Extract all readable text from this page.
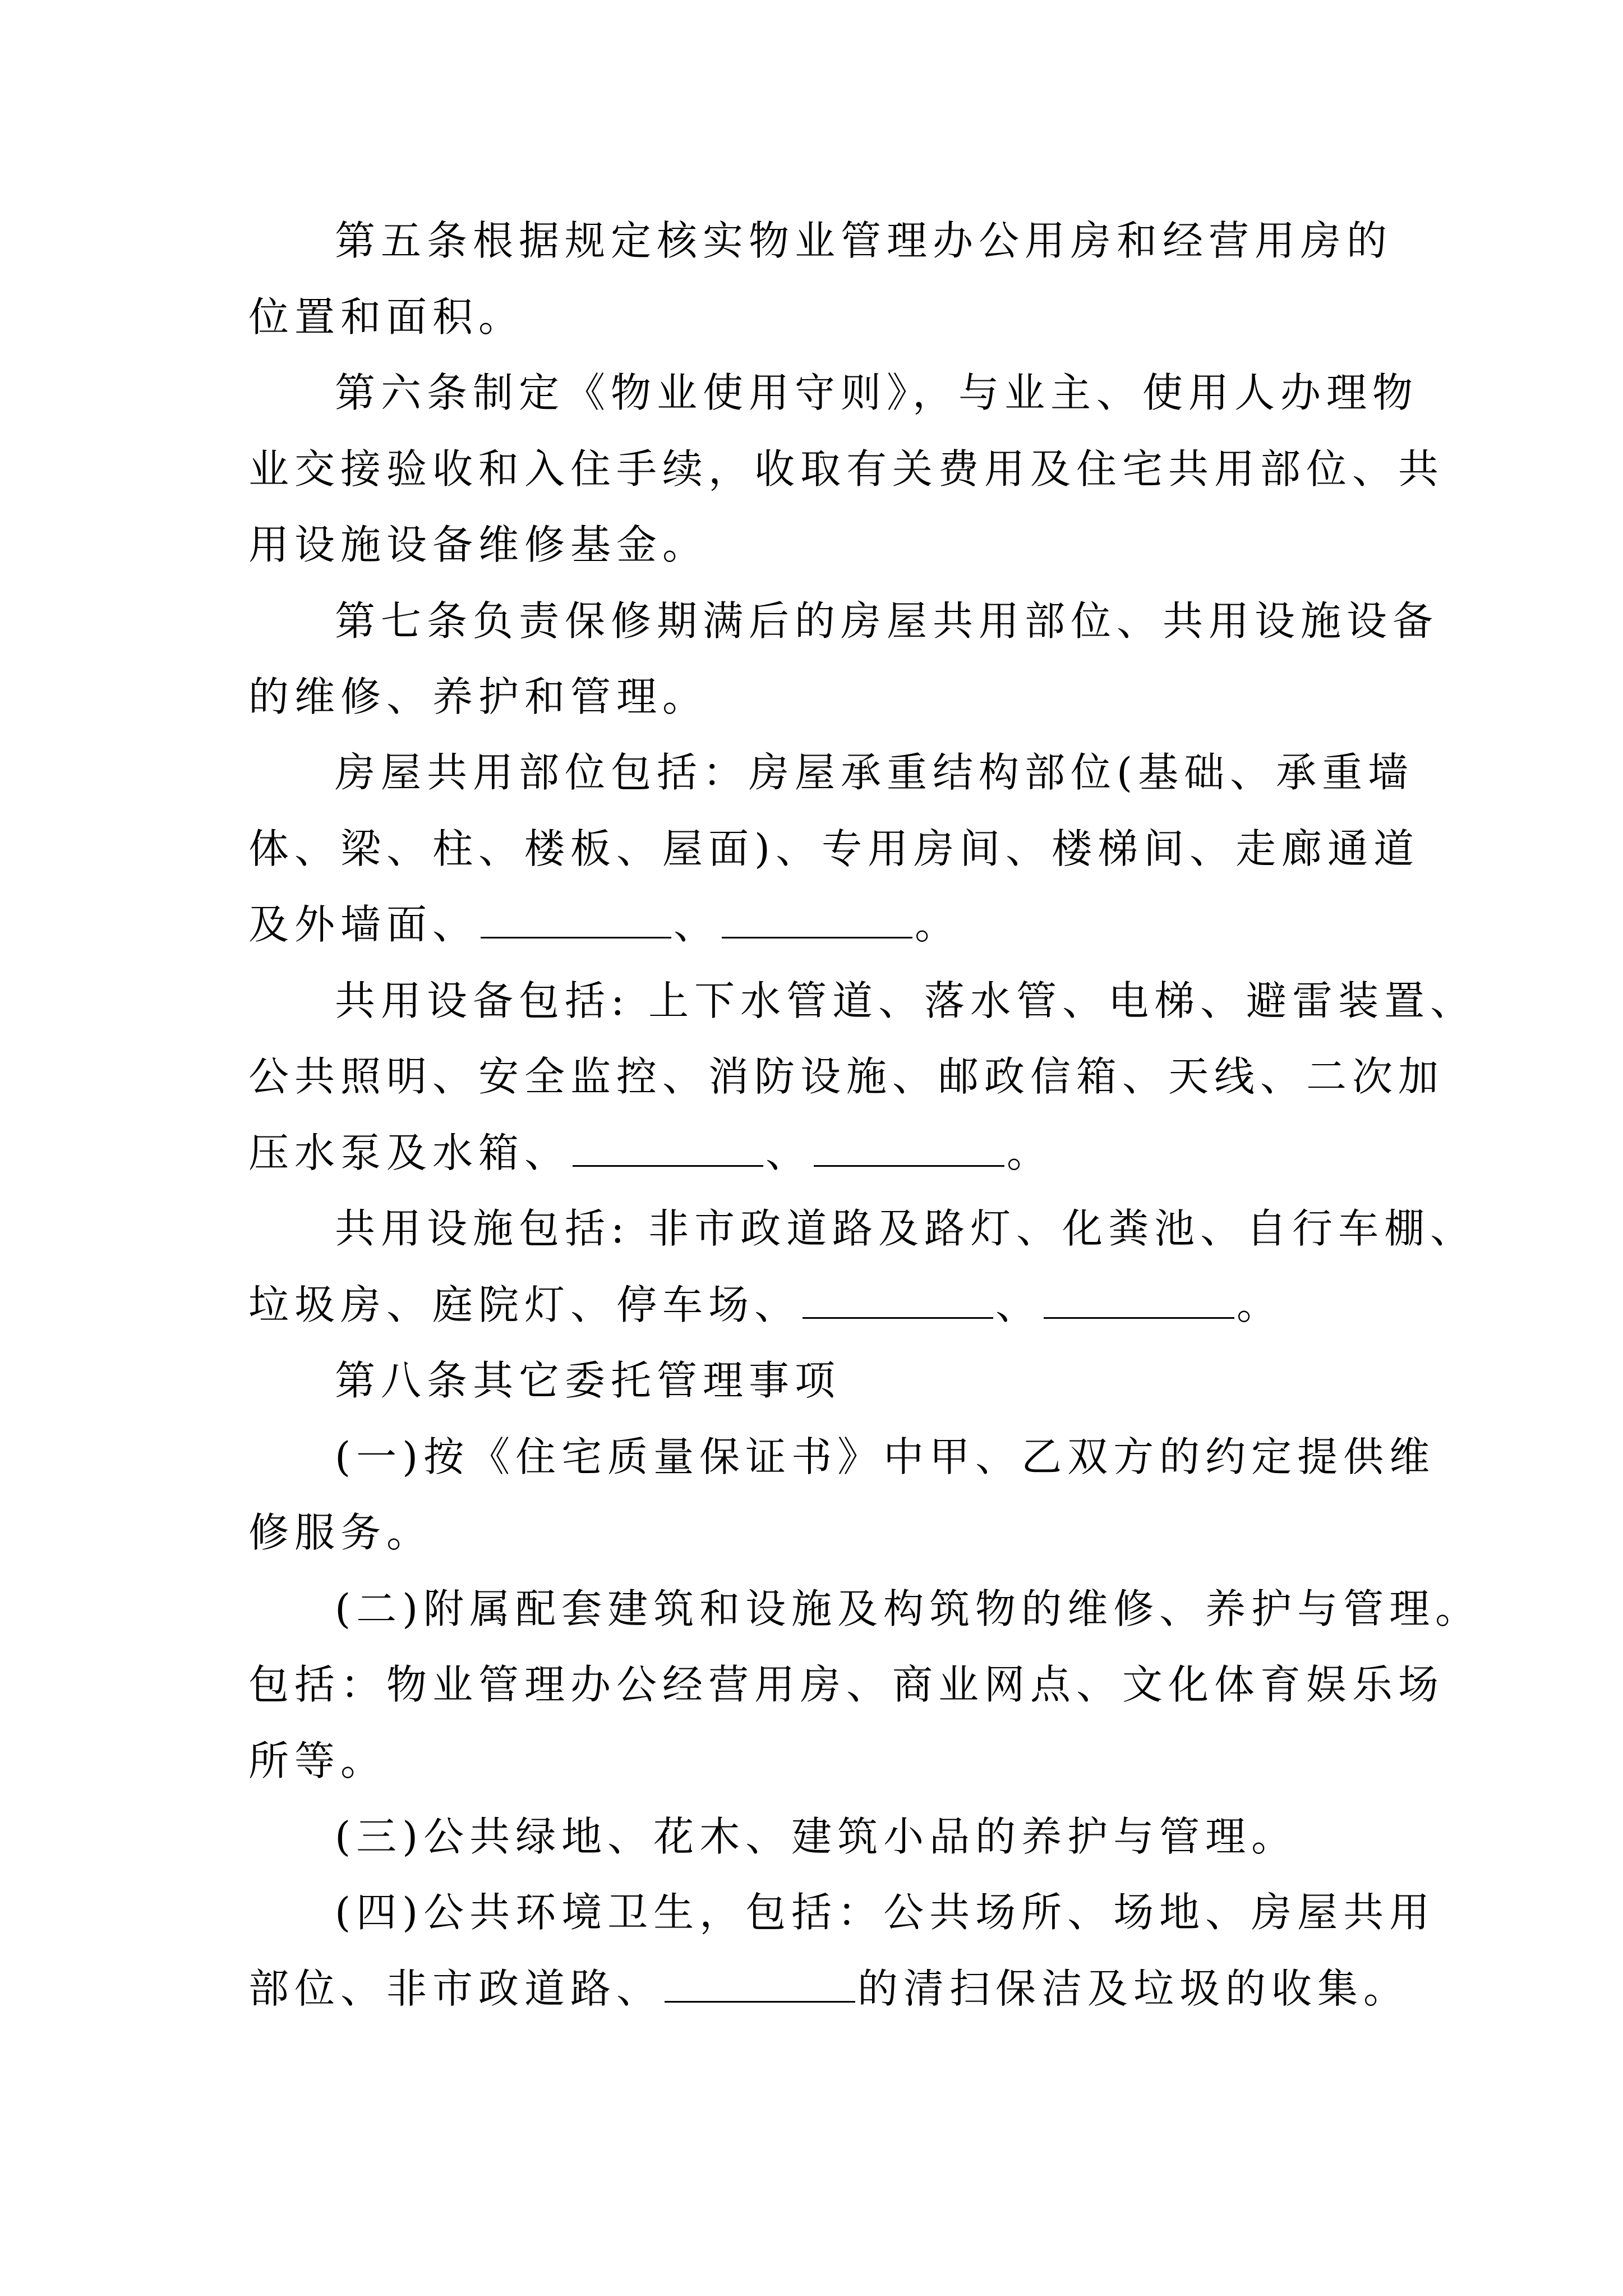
第五条根据规定核实物业管理办公用房和经营用房的
位置和面积。
第六条制定《物业使用守则》，与业主、使用人办理物
业交接验收和入住手续，收取有关费用及住宅共用部位、共
用设施设备维修基金。
第七条负责保修期满后的房屋共用部位、共用设施设备
的维修、养护和管理。
房屋共用部位包括：房屋承重结构部位(基础、承重墙
体、梁、柱、楼板、屋面)、专用房间、楼梯间、走廊通道
及外墙面、	、	。
共用设备包括: 上下水管道、落水管、电梯、避雷装置、
公共照明、安全监控、消防设施、邮政信箱、天线、二次加
压水泵及水箱、	、	。
共用设施包括: 非市政道路及路灯、化粪池、自行车棚、
垃圾房、庭院灯、停车场、	、	。
第八条其它委托管理事项
(一)按《住宅质量保证书》中甲、乙双方的约定提供维
修服务。
(二)附属配套建筑和设施及构筑物的维修、养护与管理。
包括：物业管理办公经营用房、商业网点、文化体育娱乐场
所等。
(三)公共绿地、花木、建筑小品的养护与管理。
(四)公共环境卫生，包括：公共场所、场地、房屋共用
部位、非市政道路、	的清扫保洁及垃圾的收集。
